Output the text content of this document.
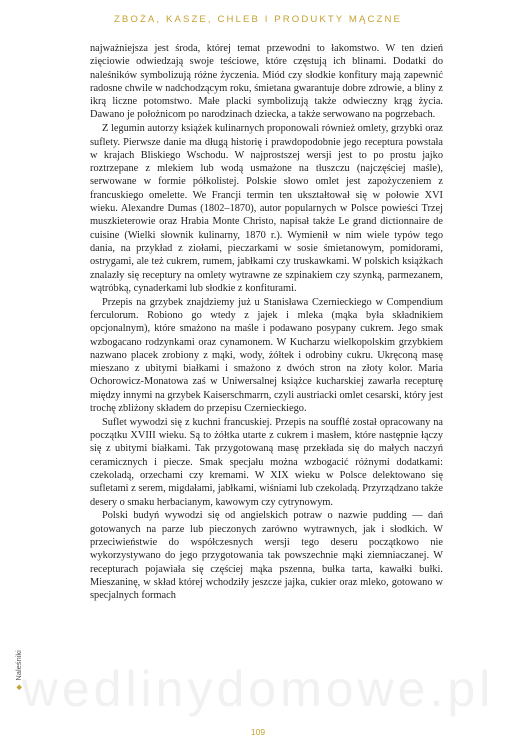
ZBOŻA, KASZE, CHLEB I PRODUKTY MĄCZNE

najważniejsza jest środa, której temat przewodni to łakomstwo. W ten dzień zięciowie odwiedzają swoje teściowe, które częstują ich blinami. Dodatki do naleśników symbolizują różne życzenia. Miód czy słodkie konfitury mają zapewnić radosne chwile w nadchodzącym roku, śmietana gwarantuje dobre zdrowie, a bliny z ikrą liczne potomstwo. Małe placki symbolizują także odwieczny krąg życia. Dawano je położnicom po narodzinach dziecka, a także serwowano na pogrzebach.

Z legumin autorzy książek kulinarnych proponowali również omlety, grzybki oraz suflety. Pierwsze danie ma długą historię i prawdopodobnie jego receptura powstała w krajach Bliskiego Wschodu. W najprostszej wersji jest to po prostu jajko roztrzepane z mlekiem lub wodą usmażone na tłuszczu (najczęściej maśle), serwowane w formie półkolistej. Polskie słowo omlet jest zapożyczeniem z francuskiego omelette. We Francji termin ten ukształtował się w połowie XVI wieku. Alexandre Dumas (1802–1870), autor popularnych w Polsce powieści Trzej muszkieterowie oraz Hrabia Monte Christo, napisał także Le grand dictionnaire de cuisine (Wielki słownik kulinarny, 1870 r.). Wymienił w nim wiele typów tego dania, na przykład z ziołami, pieczarkami w sosie śmietanowym, pomidorami, ostrygami, ale też cukrem, rumem, jabłkami czy truskawkami. W polskich książkach znalazły się receptury na omlety wytrawne ze szpinakiem czy szynką, parmezanem, wątróbką, cynaderkami lub słodkie z konfiturami.

Przepis na grzybek znajdziemy już u Stanisława Czernieckiego w Compendium ferculorum. Robiono go wtedy z jajek i mleka (mąka była składnikiem opcjonalnym), które smażono na maśle i podawano posypany cukrem. Jego smak wzbogacano rodzynkami oraz cynamonem. W Kucharzu wielkopolskim grzybkiem nazwano placek zrobiony z mąki, wody, żółtek i odrobiny cukru. Ukręconą masę mieszano z ubitymi białkami i smażono z dwóch stron na złoty kolor. Maria Ochorowicz-Monatowa zaś w Uniwersalnej książce kucharskiej zawarła recepturę między innymi na grzybek Kaiserschmarrn, czyli austriacki omlet cesarski, który jest trochę zbliżony składem do przepisu Czernieckiego.

Suflet wywodzi się z kuchni francuskiej. Przepis na soufflé został opracowany na początku XVIII wieku. Są to żółtka utarte z cukrem i masłem, które następnie łączy się z ubitymi białkami. Tak przygotowaną masę przekłada się do małych naczyń ceramicznych i piecze. Smak specjału można wzbogacić różnymi dodatkami: czekoladą, orzechami czy kremami. W XIX wieku w Polsce delektowano się sufletami z serem, migdałami, jabłkami, wiśniami lub czekoladą. Przyrządzano także desery o smaku herbacianym, kawowym czy cytrynowym.

Polski budyń wywodzi się od angielskich potraw o nazwie pudding — dań gotowanych na parze lub pieczonych zarówno wytrawnych, jak i słodkich. W przeciwieństwie do współczesnych wersji tego deseru początkowo nie wykorzystywano do jego przygotowania tak powszechnie mąki ziemniaczanej. W recepturach pojawiała się częściej mąka pszenna, bułka tarta, kawałki bułki. Mieszaninę, w skład której wchodziły jeszcze jajka, cukier oraz mleko, gotowano w specjalnych formach

◆
Naleśniki
wedlinydomowe.pl
109
